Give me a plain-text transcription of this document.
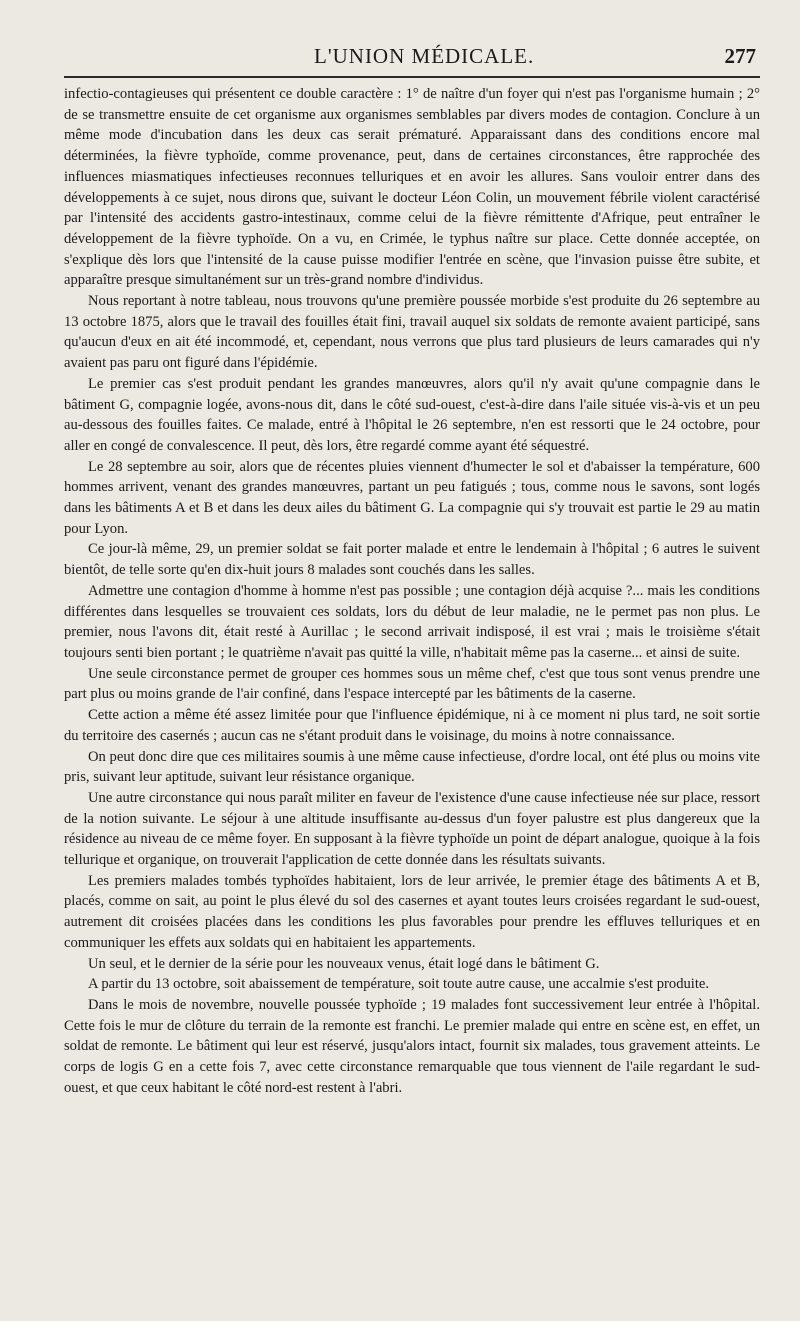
L'UNION MÉDICALE.	277

infectio-contagieuses qui présentent ce double caractère : 1° de naître d'un foyer qui n'est pas l'organisme humain ; 2° de se transmettre ensuite de cet organisme aux organismes semblables par divers modes de contagion. Conclure à un même mode d'incubation dans les deux cas serait prématuré. Apparaissant dans des conditions encore mal déterminées, la fièvre typhoïde, comme provenance, peut, dans de certaines circonstances, être rapprochée des influences miasmatiques infectieuses reconnues telluriques et en avoir les allures. Sans vouloir entrer dans des développements à ce sujet, nous dirons que, suivant le docteur Léon Colin, un mouvement fébrile violent caractérisé par l'intensité des accidents gastro-intestinaux, comme celui de la fièvre rémittente d'Afrique, peut entraîner le développement de la fièvre typhoïde. On a vu, en Crimée, le typhus naître sur place. Cette donnée acceptée, on s'explique dès lors que l'intensité de la cause puisse modifier l'entrée en scène, que l'invasion puisse être subite, et apparaître presque simultanément sur un très-grand nombre d'individus.

Nous reportant à notre tableau, nous trouvons qu'une première poussée morbide s'est produite du 26 septembre au 13 octobre 1875, alors que le travail des fouilles était fini, travail auquel six soldats de remonte avaient participé, sans qu'aucun d'eux en ait été incommodé, et, cependant, nous verrons que plus tard plusieurs de leurs camarades qui n'y avaient pas paru ont figuré dans l'épidémie.

Le premier cas s'est produit pendant les grandes manœuvres, alors qu'il n'y avait qu'une compagnie dans le bâtiment G, compagnie logée, avons-nous dit, dans le côté sud-ouest, c'est-à-dire dans l'aile située vis-à-vis et un peu au-dessous des fouilles faites. Ce malade, entré à l'hôpital le 26 septembre, n'en est ressorti que le 24 octobre, pour aller en congé de convalescence. Il peut, dès lors, être regardé comme ayant été séquestré.

Le 28 septembre au soir, alors que de récentes pluies viennent d'humecter le sol et d'abaisser la température, 600 hommes arrivent, venant des grandes manœuvres, partant un peu fatigués ; tous, comme nous le savons, sont logés dans les bâtiments A et B et dans les deux ailes du bâtiment G. La compagnie qui s'y trouvait est partie le 29 au matin pour Lyon.

Ce jour-là même, 29, un premier soldat se fait porter malade et entre le lendemain à l'hôpital ; 6 autres le suivent bientôt, de telle sorte qu'en dix-huit jours 8 malades sont couchés dans les salles.

Admettre une contagion d'homme à homme n'est pas possible ; une contagion déjà acquise ?... mais les conditions différentes dans lesquelles se trouvaient ces soldats, lors du début de leur maladie, ne le permet pas non plus. Le premier, nous l'avons dit, était resté à Aurillac ; le second arrivait indisposé, il est vrai ; mais le troisième s'était toujours senti bien portant ; le quatrième n'avait pas quitté la ville, n'habitait même pas la caserne... et ainsi de suite.

Une seule circonstance permet de grouper ces hommes sous un même chef, c'est que tous sont venus prendre une part plus ou moins grande de l'air confiné, dans l'espace intercepté par les bâtiments de la caserne.

Cette action a même été assez limitée pour que l'influence épidémique, ni à ce moment ni plus tard, ne soit sortie du territoire des casernés ; aucun cas ne s'étant produit dans le voisinage, du moins à notre connaissance.

On peut donc dire que ces militaires soumis à une même cause infectieuse, d'ordre local, ont été plus ou moins vite pris, suivant leur aptitude, suivant leur résistance organique.

Une autre circonstance qui nous paraît militer en faveur de l'existence d'une cause infectieuse née sur place, ressort de la notion suivante. Le séjour à une altitude insuffisante au-dessus d'un foyer palustre est plus dangereux que la résidence au niveau de ce même foyer. En supposant à la fièvre typhoïde un point de départ analogue, quoique à la fois tellurique et organique, on trouverait l'application de cette donnée dans les résultats suivants.

Les premiers malades tombés typhoïdes habitaient, lors de leur arrivée, le premier étage des bâtiments A et B, placés, comme on sait, au point le plus élevé du sol des casernes et ayant toutes leurs croisées regardant le sud-ouest, autrement dit croisées placées dans les conditions les plus favorables pour prendre les effluves telluriques et en communiquer les effets aux soldats qui en habitaient les appartements.

Un seul, et le dernier de la série pour les nouveaux venus, était logé dans le bâtiment G.

A partir du 13 octobre, soit abaissement de température, soit toute autre cause, une accalmie s'est produite.

Dans le mois de novembre, nouvelle poussée typhoïde ; 19 malades font successivement leur entrée à l'hôpital. Cette fois le mur de clôture du terrain de la remonte est franchi. Le premier malade qui entre en scène est, en effet, un soldat de remonte. Le bâtiment qui leur est réservé, jusqu'alors intact, fournit six malades, tous gravement atteints. Le corps de logis G en a cette fois 7, avec cette circonstance remarquable que tous viennent de l'aile regardant le sud-ouest, et que ceux habitant le côté nord-est restent à l'abri.
